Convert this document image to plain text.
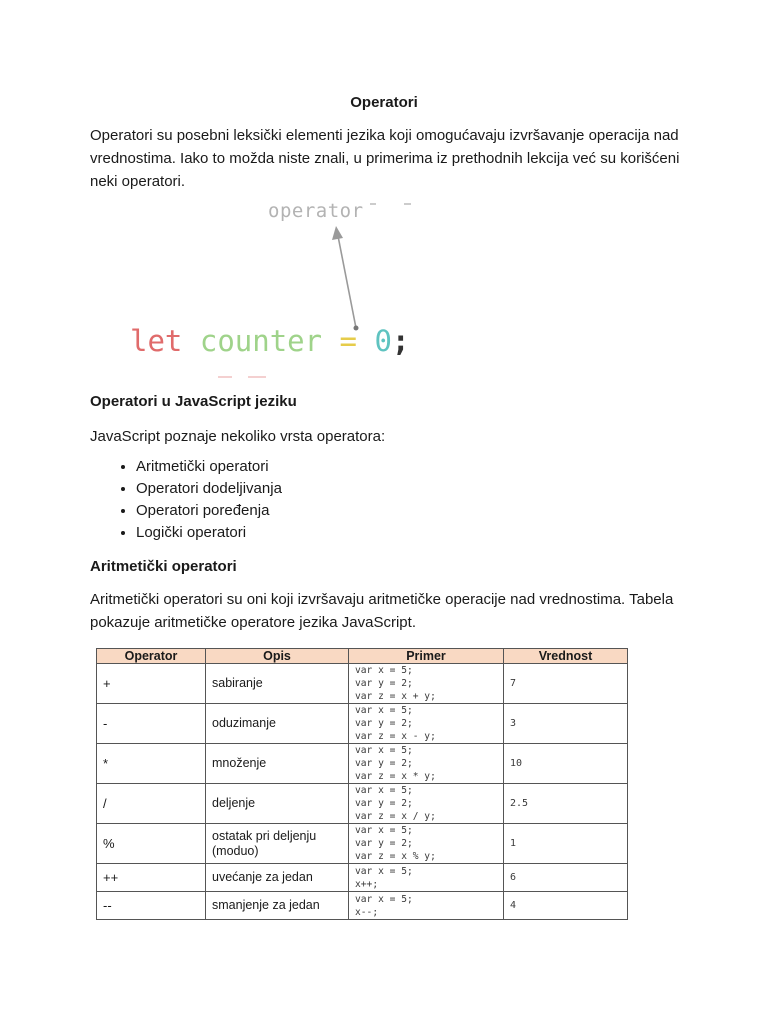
Operatori
Operatori su posebni leksički elementi jezika koji omogućavaju izvršavanje operacija nad vrednostima. Iako to možda niste znali, u primerima iz prethodnih lekcija već su korišćeni neki operatori.
operator
let counter = 0;
Operatori u JavaScript jeziku
JavaScript poznaje nekoliko vrsta operatora:
• Aritmetički operatori
• Operatori dodeljivanja
• Operatori poređenja
• Logički operatori
Aritmetički operatori
Aritmetički operatori su oni koji izvršavaju aritmetičke operacije nad vrednostima. Tabela pokazuje aritmetičke operatore jezika JavaScript.
Operator	Opis	Primer	Vrednost
+	sabiranje	var x = 5;
var y = 2;
var z = x + y;	7
-	oduzimanje	var x = 5;
var y = 2;
var z = x - y;	3
*	množenje	var x = 5;
var y = 2;
var z = x * y;	10
/	deljenje	var x = 5;
var y = 2;
var z = x / y;	2.5
%	ostatak pri deljenju (moduo)	var x = 5;
var y = 2;
var z = x % y;	1
++	uvećanje za jedan	var x = 5;
x++;	6
--	smanjenje za jedan	var x = 5;
x--;	4
